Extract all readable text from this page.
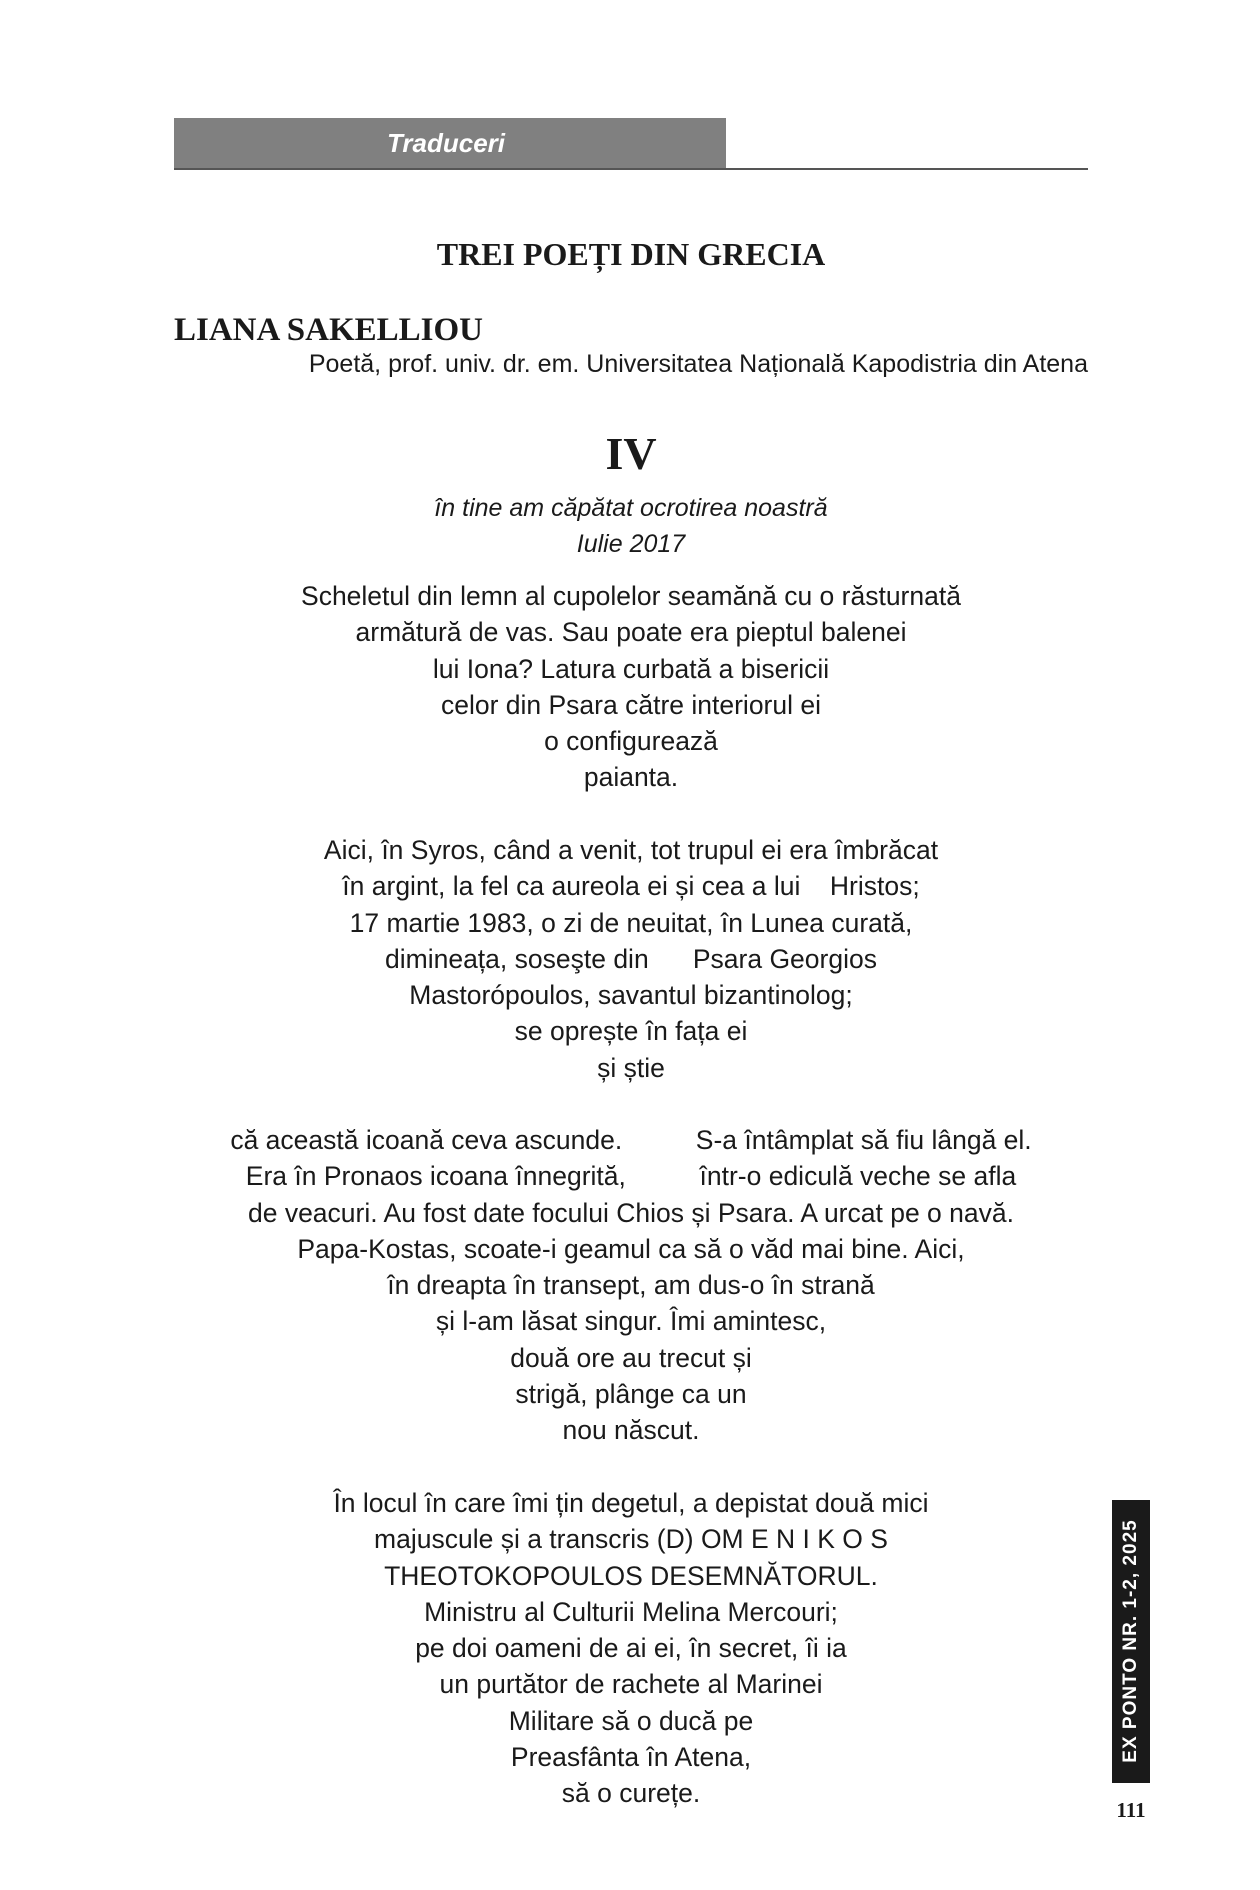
Traduceri
TREI POEȚI DIN GRECIA
LIANA SAKELLIOU
Poetă, prof. univ. dr. em. Universitatea Națională Kapodistria din Atena
IV
în tine am căpătat ocrotirea noastră
Iulie 2017
Scheletul din lemn al cupolelor seamănă cu o răsturnată
armătură de vas. Sau poate era pieptul balenei
lui Iona? Latura curbată a bisericii
celor din Psara către interiorul ei
o configurează
paianta.
Aici, în Syros, când a venit, tot trupul ei era îmbrăcat
în argint, la fel ca aureola ei și cea a lui    Hristos;
17 martie 1983, o zi de neuitat, în Lunea curată,
dimineața, soseşte din      Psara Georgios
Mastorópoulos, savantul bizantinolog;
se oprește în fața ei
și știe
că această icoană ceva ascunde.          S-a întâmplat să fiu lângă el.
Era în Pronaos icoana înnegrită,          într-o ediculă veche se afla
de veacuri. Au fost date focului Chios și Psara. A urcat pe o navă.
Papa-Kostas, scoate-i geamul ca să o văd mai bine. Aici,
în dreapta în transept, am dus-o în strană
și l-am lăsat singur. Îmi amintesc,
două ore au trecut și
strigă, plânge ca un
nou născut.
În locul în care îmi țin degetul, a depistat două mici
majuscule și a transcris (D) OM E N I K O S
THEOTOKOPOULOS DESEMNĂTORUL.
Ministru al Culturii Melina Mercouri;
pe doi oameni de ai ei, în secret, îi ia
un purtător de rachete al Marinei
Militare să o ducă pe
Preasfânta în Atena,
să o curețe.
EX PONTO NR. 1-2, 2025
111
